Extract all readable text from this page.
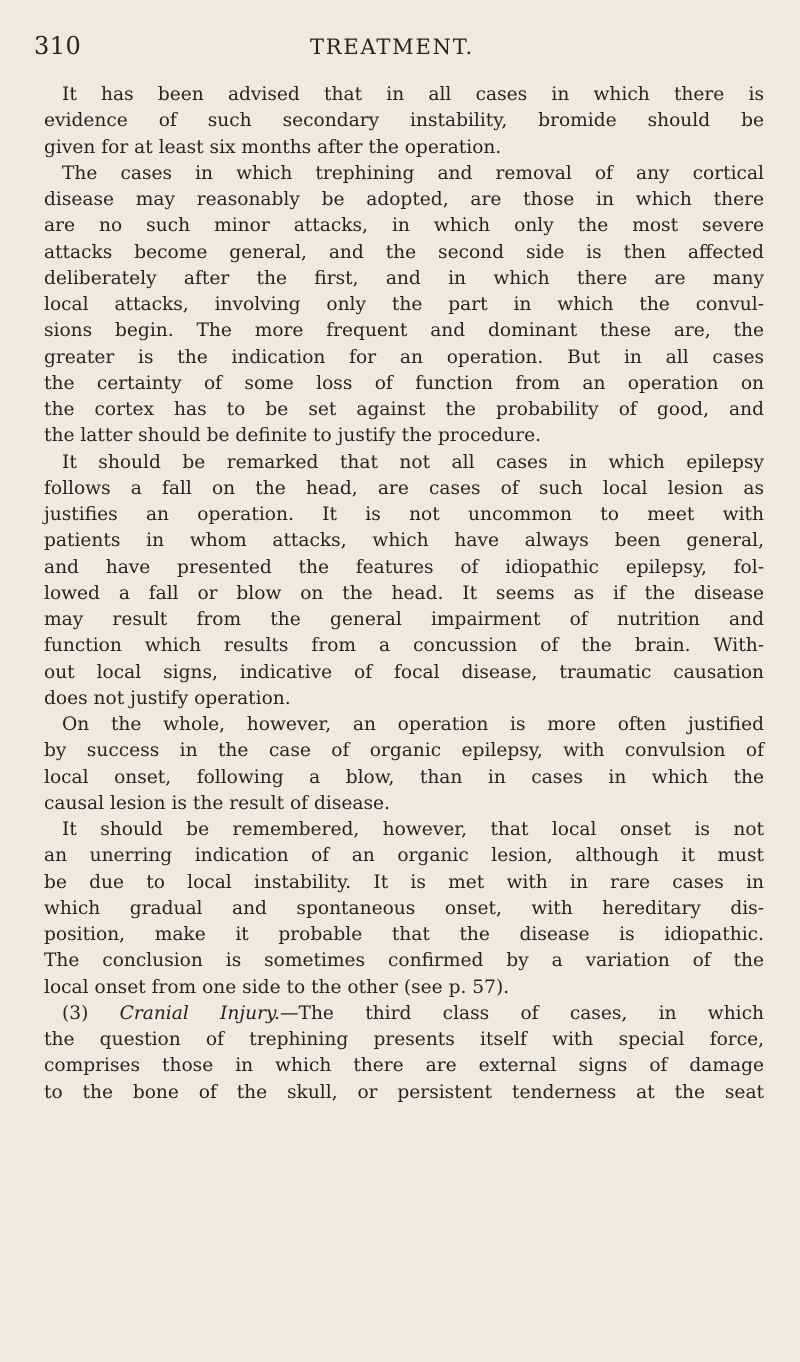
310	TREATMENT.
It has been advised that in all cases in which there is
evidence of such secondary instability, bromide should be
given for at least six months after the operation.
The cases in which trephining and removal of any cortical
disease may reasonably be adopted, are those in which there
are no such minor attacks, in which only the most severe
attacks become general, and the second side is then affected
deliberately after the first, and in which there are many
local attacks, involving only the part in which the convul-
sions begin. The more frequent and dominant these are, the
greater is the indication for an operation. But in all cases
the certainty of some loss of function from an operation on
the cortex has to be set against the probability of good, and
the latter should be definite to justify the procedure.
It should be remarked that not all cases in which epilepsy
follows a fall on the head, are cases of such local lesion as
justifies an operation. It is not uncommon to meet with
patients in whom attacks, which have always been general,
and have presented the features of idiopathic epilepsy, fol-
lowed a fall or blow on the head. It seems as if the disease
may result from the general impairment of nutrition and
function which results from a concussion of the brain. With-
out local signs, indicative of focal disease, traumatic causation
does not justify operation.
On the whole, however, an operation is more often justified
by success in the case of organic epilepsy, with convulsion of
local onset, following a blow, than in cases in which the
causal lesion is the result of disease.
It should be remembered, however, that local onset is not
an unerring indication of an organic lesion, although it must
be due to local instability. It is met with in rare cases in
which gradual and spontaneous onset, with hereditary dis-
position, make it probable that the disease is idiopathic.
The conclusion is sometimes confirmed by a variation of the
local onset from one side to the other (see p. 57).
(3) Cranial Injury.—The third class of cases, in which
the question of trephining presents itself with special force,
comprises those in which there are external signs of damage
to the bone of the skull, or persistent tenderness at the seat
